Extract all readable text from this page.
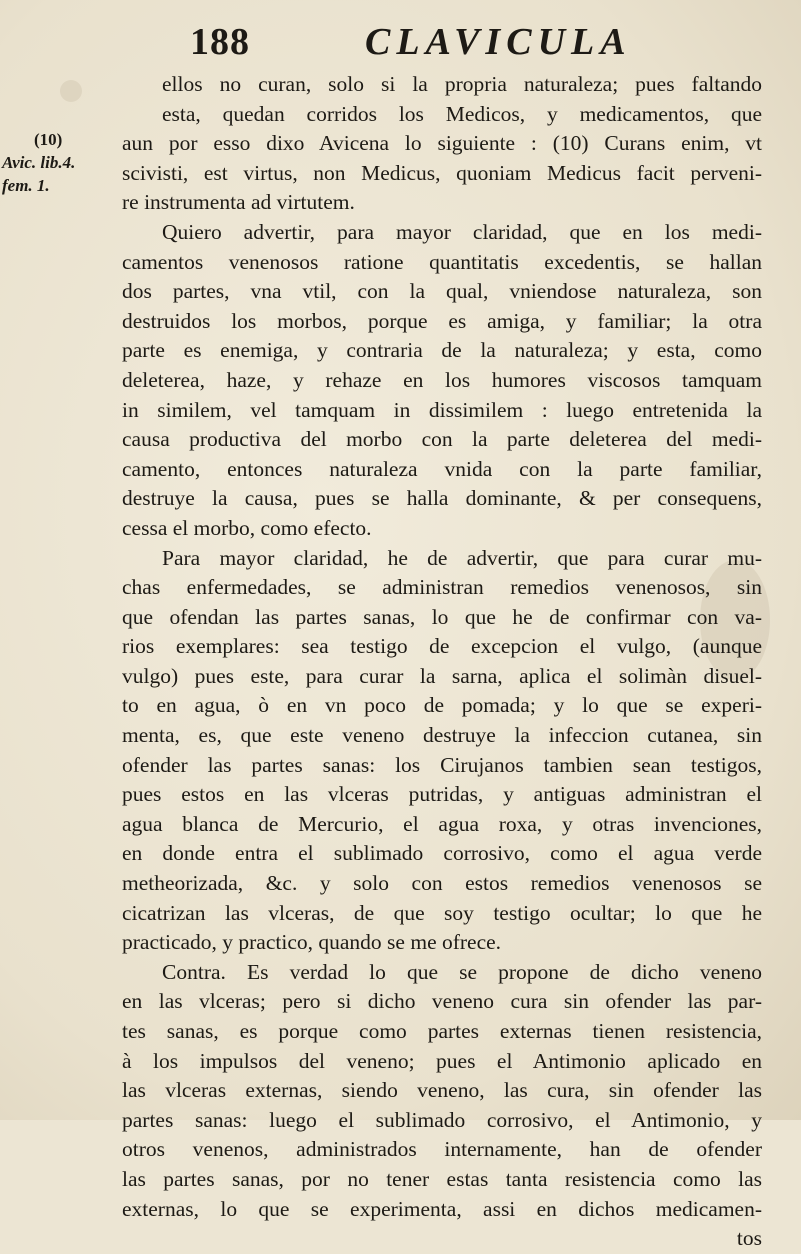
188	CLAVICULA
(10)
Avic. lib.4.
fem. 1.
ellos no curan, solo si la propria naturaleza; pues faltando
esta, quedan corridos los Medicos, y medicamentos, que
aun por esso dixo Avicena lo siguiente : (10) Curans enim, vt
scivisti, est virtus, non Medicus, quoniam Medicus facit perveni-
re instrumenta ad virtutem.
Quiero advertir, para mayor claridad, que en los medi-
camentos venenosos ratione quantitatis excedentis, se hallan
dos partes, vna vtil, con la qual, vniendose naturaleza, son
destruidos los morbos, porque es amiga, y familiar; la otra
parte es enemiga, y contraria de la naturaleza; y esta, como
deleterea, haze, y rehaze en los humores viscosos tamquam
in similem, vel tamquam in dissimilem : luego entretenida la
causa productiva del morbo con la parte deleterea del medi-
camento, entonces naturaleza vnida con la parte familiar,
destruye la causa, pues se halla dominante, & per consequens,
cessa el morbo, como efecto.
Para mayor claridad, he de advertir, que para curar mu-
chas enfermedades, se administran remedios venenosos, sin
que ofendan las partes sanas, lo que he de confirmar con va-
rios exemplares: sea testigo de excepcion el vulgo, (aunque
vulgo) pues este, para curar la sarna, aplica el solimàn disuel-
to en agua, ò en vn poco de pomada; y lo que se experi-
menta, es, que este veneno destruye la infeccion cutanea, sin
ofender las partes sanas: los Cirujanos tambien sean testigos,
pues estos en las vlceras putridas, y antiguas administran el
agua blanca de Mercurio, el agua roxa, y otras invenciones,
en donde entra el sublimado corrosivo, como el agua verde
metheorizada, &c. y solo con estos remedios venenosos se
cicatrizan las vlceras, de que soy testigo ocultar; lo que he
practicado, y practico, quando se me ofrece.
Contra. Es verdad lo que se propone de dicho veneno
en las vlceras; pero si dicho veneno cura sin ofender las par-
tes sanas, es porque como partes externas tienen resistencia,
à los impulsos del veneno; pues el Antimonio aplicado en
las vlceras externas, siendo veneno, las cura, sin ofender las
partes sanas: luego el sublimado corrosivo, el Antimonio, y
otros venenos, administrados internamente, han de ofender
las partes sanas, por no tener estas tanta resistencia como las
externas, lo que se experimenta, assi en dichos medicamen-
tos
